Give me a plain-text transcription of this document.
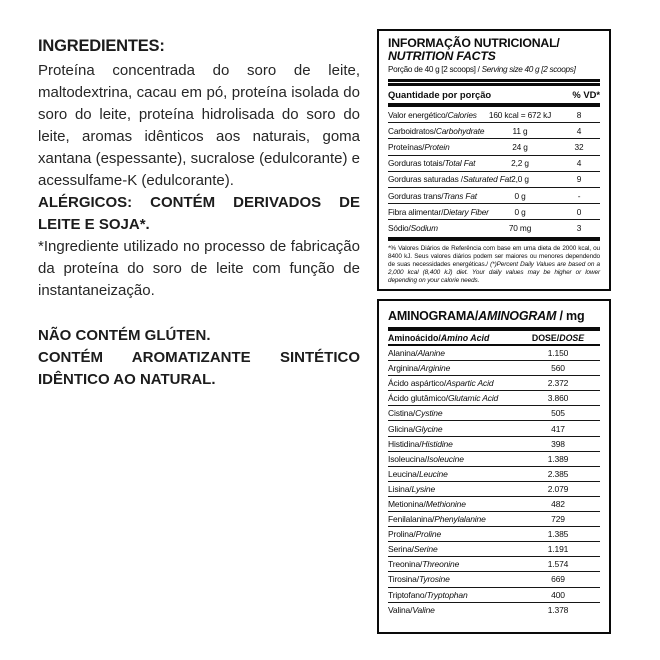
INGREDIENTES:

Proteína concentrada do soro de leite, maltodextrina, cacau em pó, proteína isolada do soro do leite, proteína hidrolisada do soro do leite, aromas idênticos aos naturais, goma xantana (espessante), sucralose (edulcorante) e acessulfame-K (edulcorante).

ALÉRGICOS: CONTÉM DERIVADOS DE LEITE E SOJA*.

*Ingrediente utilizado no processo de fabricação da proteína do soro de leite com função de instantaneização.

NÃO CONTÉM GLÚTEN.

CONTÉM AROMATIZANTE SINTÉTICO IDÊNTICO AO NATURAL.

INFORMAÇÃO NUTRICIONAL/
NUTRITION FACTS
Porção de 40 g [2 scoops] / Serving size 40 g [2 scoops]
Quantidade por porção	% VD*
Valor energético/Calories	160 kcal = 672 kJ	8
Carboidratos/Carbohydrate	11 g	4
Proteínas/Protein	24 g	32
Gorduras totais/Total Fat	2,2 g	4
Gorduras saturadas /Saturated Fat 2,0 g	9
Gorduras trans/Trans Fat	0 g	-
Fibra alimentar/Dietary Fiber	0 g	0
Sódio/Sodium	70 mg	3
*% Valores Diários de Referência com base em uma dieta de 2000 kcal, ou 8400 kJ. Seus valores diários podem ser maiores ou menores dependendo de suas necessidades energéticas./ (*)Percent Daily Values are based on a 2,000 kcal (8,400 kJ) diet. Your daily values may be higher or lower depending on your calorie needs.
AMINOGRAMA/AMINOGRAM / mg
Aminoácido/Amino Acid	DOSE/DOSE
Alanina/Alanine	1.150
Arginina/Arginine	560
Ácido aspártico/Aspartic Acid	2.372
Ácido glutâmico/Glutamic Acid	3.860
Cistina/Cystine	505
Glicina/Glycine	417
Histidina/Histidine	398
Isoleucina/Isoleucine	1.389
Leucina/Leucine	2.385
Lisina/Lysine	2.079
Metionina/Methionine	482
Fenilalanina/Phenylalanine	729
Prolina/Proline	1.385
Serina/Serine	1.191
Treonina/Threonine	1.574
Tirosina/Tyrosine	669
Triptofano/Tryptophan	400
Valina/Valine	1.378
